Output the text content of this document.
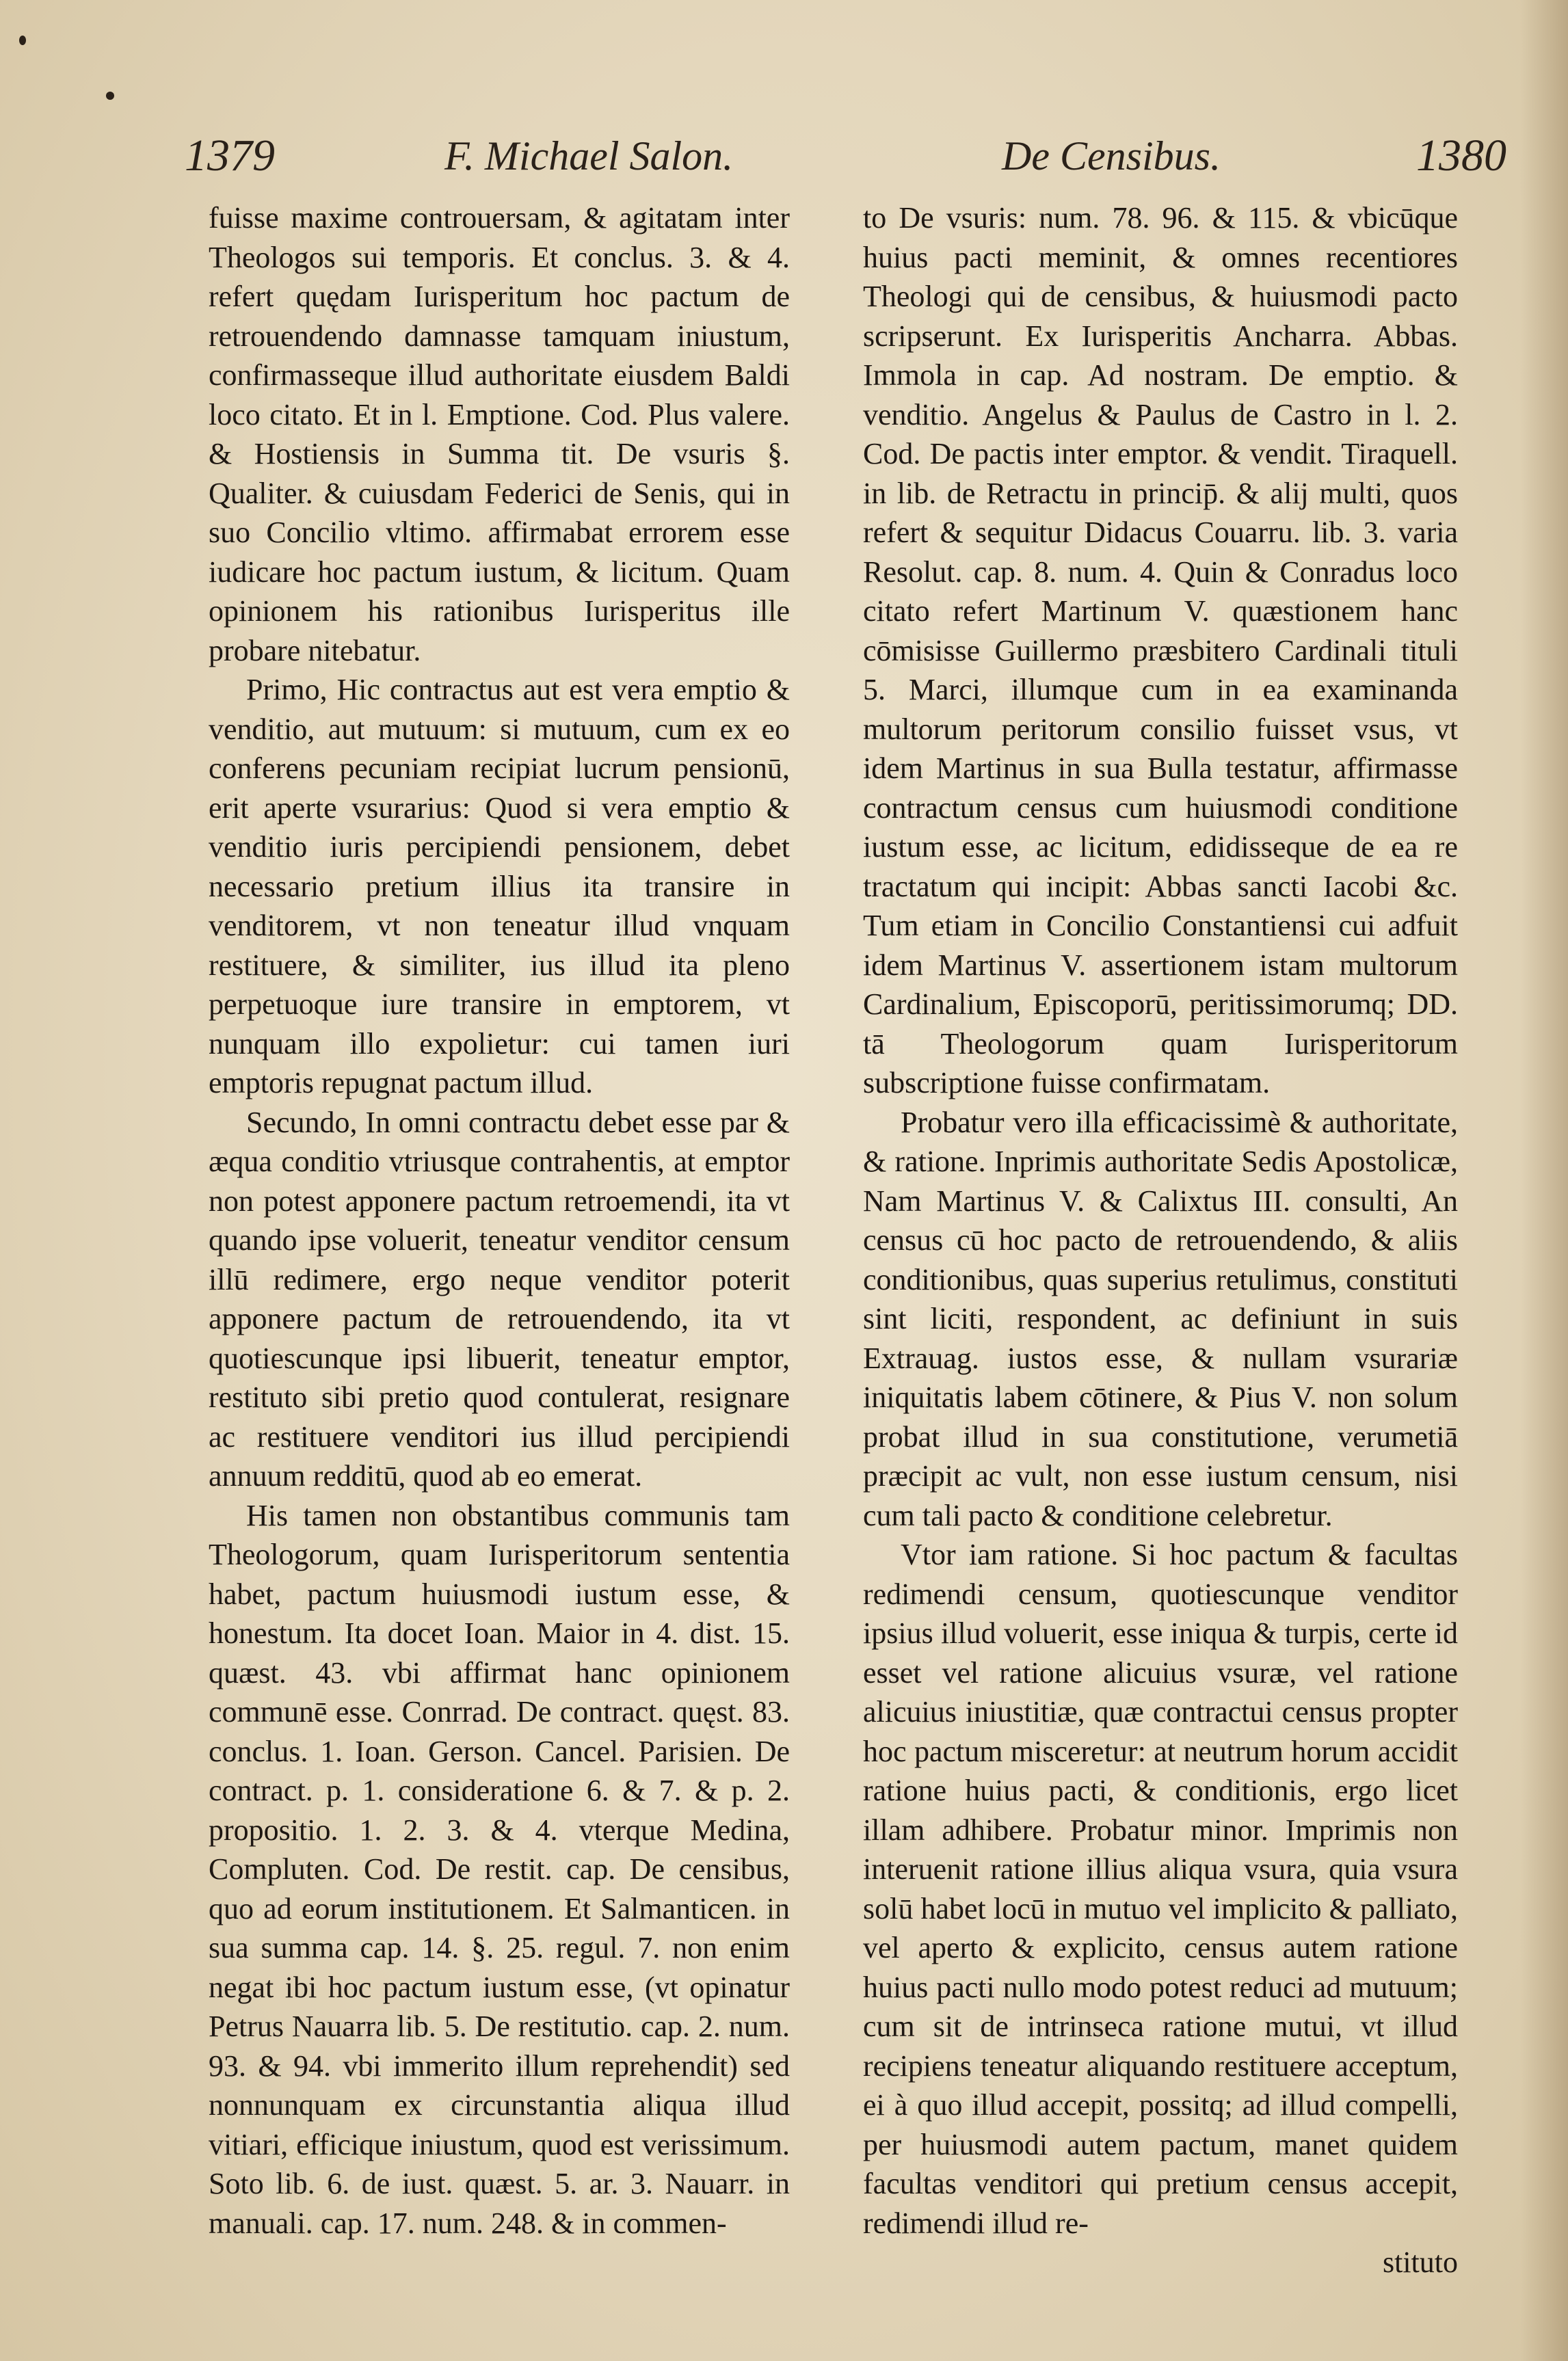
1379	F. Michael Salon.	De Censibus.	1380

fuisse maxime controuersam, & agitatam inter Theologos sui temporis. Et conclus. 3. & 4. refert quędam Iurisperitum hoc pactum de retrouendendo damnasse tamquam iniustum, confirmasseque illud authoritate eiusdem Baldi loco citato. Et in l. Emptione. Cod. Plus valere. & Hostiensis in Summa tit. De vsuris §. Qualiter. & cuiusdam Federici de Senis, qui in suo Concilio vltimo. affirmabat errorem esse iudicare hoc pactum iustum, & licitum. Quam opinionem his rationibus Iurisperitus ille probare nitebatur.

Primo, Hic contractus aut est vera emptio & venditio, aut mutuum: si mutuum, cum ex eo conferens pecuniam recipiat lucrum pensionū, erit aperte vsurarius: Quod si vera emptio & venditio iuris percipiendi pensionem, debet necessario pretium illius ita transire in venditorem, vt non teneatur illud vnquam restituere, & similiter, ius illud ita pleno perpetuoque iure transire in emptorem, vt nunquam illo expolietur: cui tamen iuri emptoris repugnat pactum illud.

Secundo, In omni contractu debet esse par & æqua conditio vtriusque contrahentis, at emptor non potest apponere pactum retroemendi, ita vt quando ipse voluerit, teneatur venditor censum illū redimere, ergo neque venditor poterit apponere pactum de retrouendendo, ita vt quotiescunque ipsi libuerit, teneatur emptor, restituto sibi pretio quod contulerat, resignare ac restituere venditori ius illud percipiendi annuum redditū, quod ab eo emerat.

His tamen non obstantibus communis tam Theologorum, quam Iurisperitorum sententia habet, pactum huiusmodi iustum esse, & honestum. Ita docet Ioan. Maior in 4. dist. 15. quæst. 43. vbi affirmat hanc opinionem communē esse. Conrrad. De contract. quęst. 83. conclus. 1. Ioan. Gerson. Cancel. Parisien. De contract. p. 1. consideratione 6. & 7. & p. 2. propositio. 1. 2. 3. & 4. vterque Medina, Compluten. Cod. De restit. cap. De censibus, quo ad eorum institutionem. Et Salmanticen. in sua summa cap. 14. §. 25. regul. 7. non enim negat ibi hoc pactum iustum esse, (vt opinatur Petrus Nauarra lib. 5. De restitutio. cap. 2. num. 93. & 94. vbi immerito illum reprehendit) sed nonnunquam ex circunstantia aliqua illud vitiari, efficique iniustum, quod est verissimum. Soto lib. 6. de iust. quæst. 5. ar. 3. Nauarr. in manuali. cap. 17. num. 248. & in commen-

to De vsuris: num. 78. 96. & 115. & vbicūque huius pacti meminit, & omnes recentiores Theologi qui de censibus, & huiusmodi pacto scripserunt. Ex Iurisperitis Ancharra. Abbas. Immola in cap. Ad nostram. De emptio. & venditio. Angelus & Paulus de Castro in l. 2. Cod. De pactis inter emptor. & vendit. Tiraquell. in lib. de Retractu in princip̄. & alij multi, quos refert & sequitur Didacus Couarru. lib. 3. varia Resolut. cap. 8. num. 4. Quin & Conradus loco citato refert Martinum V. quæstionem hanc cōmisisse Guillermo præsbitero Cardinali tituli 5. Marci, illumque cum in ea examinanda multorum peritorum consilio fuisset vsus, vt idem Martinus in sua Bulla testatur, affirmasse contractum census cum huiusmodi conditione iustum esse, ac licitum, edidisseque de ea re tractatum qui incipit: Abbas sancti Iacobi &c. Tum etiam in Concilio Constantiensi cui adfuit idem Martinus V. assertionem istam multorum Cardinalium, Episcoporū, peritissimorumq; DD. tā Theologorum quam Iurisperitorum subscriptione fuisse confirmatam.

Probatur vero illa efficacissimè & authoritate, & ratione. Inprimis authoritate Sedis Apostolicæ, Nam Martinus V. & Calixtus III. consulti, An census cū hoc pacto de retrouendendo, & aliis conditionibus, quas superius retulimus, constituti sint liciti, respondent, ac definiunt in suis Extrauag. iustos esse, & nullam vsurariæ iniquitatis labem cōtinere, & Pius V. non solum probat illud in sua constitutione, verumetiā præcipit ac vult, non esse iustum censum, nisi cum tali pacto & conditione celebretur.

Vtor iam ratione. Si hoc pactum & facultas redimendi censum, quotiescunque venditor ipsius illud voluerit, esse iniqua & turpis, certe id esset vel ratione alicuius vsuræ, vel ratione alicuius iniustitiæ, quæ contractui census propter hoc pactum misceretur: at neutrum horum accidit ratione huius pacti, & conditionis, ergo licet illam adhibere. Probatur minor. Imprimis non interuenit ratione illius aliqua vsura, quia vsura solū habet locū in mutuo vel implicito & palliato, vel aperto & explicito, census autem ratione huius pacti nullo modo potest reduci ad mutuum; cum sit de intrinseca ratione mutui, vt illud recipiens teneatur aliquando restituere acceptum, ei à quo illud accepit, possitq; ad illud compelli, per huiusmodi autem pactum, manet quidem facultas venditori qui pretium census accepit, redimendi illud re-

stituto
